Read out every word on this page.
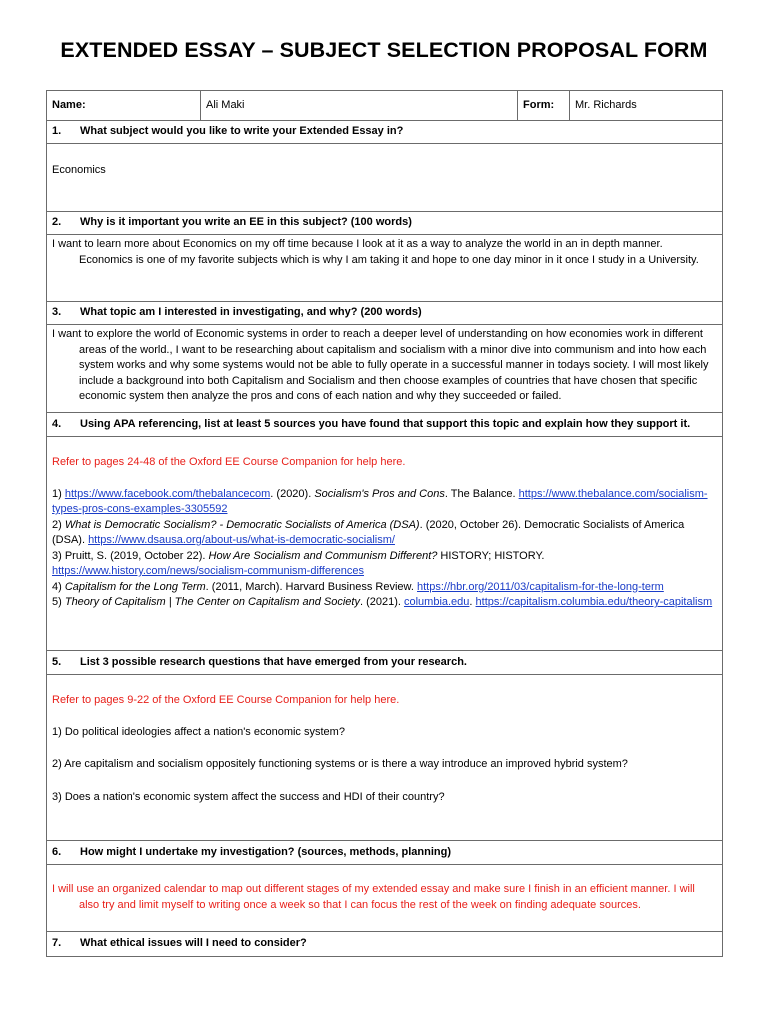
EXTENDED ESSAY – SUBJECT SELECTION PROPOSAL FORM
Name:	Ali Maki	Form:	Mr. Richards
1. What subject would you like to write your Extended Essay in?
Economics
2. Why is it important you write an EE in this subject? (100 words)

I want to learn more about Economics on my off time because I look at it as a way to analyze the world in an in depth manner. Economics is one of my favorite subjects which is why I am taking it and hope to one day minor in it once I study in a University.

3. What topic am I interested in investigating, and why? (200 words)

I want to explore the world of Economic systems in order to reach a deeper level of understanding on how economies work in different areas of the world., I want to be researching about capitalism and socialism with a minor dive into communism and into how each system works and why some systems would not be able to fully operate in a successful manner in todays society. I will most likely include a background into both Capitalism and Socialism and then choose examples of countries that have chosen that specific economic system then analyze the pros and cons of each nation and why they succeeded or failed.

4. Using APA referencing, list at least 5 sources you have found that support this topic and explain how they support it.

Refer to pages 24-48 of the Oxford EE Course Companion for help here.

1) https://www.facebook.com/thebalancecom. (2020). Socialism's Pros and Cons. The Balance. https://www.thebalance.com/socialism-types-pros-cons-examples-3305592

2) What is Democratic Socialism? - Democratic Socialists of America (DSA). (2020, October 26). Democratic Socialists of America (DSA). https://www.dsausa.org/about-us/what-is-democratic-socialism/

3) Pruitt, S. (2019, October 22). How Are Socialism and Communism Different? HISTORY; HISTORY. https://www.history.com/news/socialism-communism-differences

4) Capitalism for the Long Term. (2011, March). Harvard Business Review. https://hbr.org/2011/03/capitalism-for-the-long-term

5) Theory of Capitalism | The Center on Capitalism and Society. (2021). columbia.edu. https://capitalism.columbia.edu/theory-capitalism

5. List 3 possible research questions that have emerged from your research.

Refer to pages 9-22 of the Oxford EE Course Companion for help here.
1) Do political ideologies affect a nation's economic system?
2) Are capitalism and socialism oppositely functioning systems or is there a way introduce an improved hybrid system?
3) Does a nation's economic system affect the success and HDI of their country?

6. How might I undertake my investigation? (sources, methods, planning)

I will use an organized calendar to map out different stages of my extended essay and make sure I finish in an efficient manner. I will also try and limit myself to writing once a week so that I can focus the rest of the week on finding adequate sources.

7. What ethical issues will I need to consider?
